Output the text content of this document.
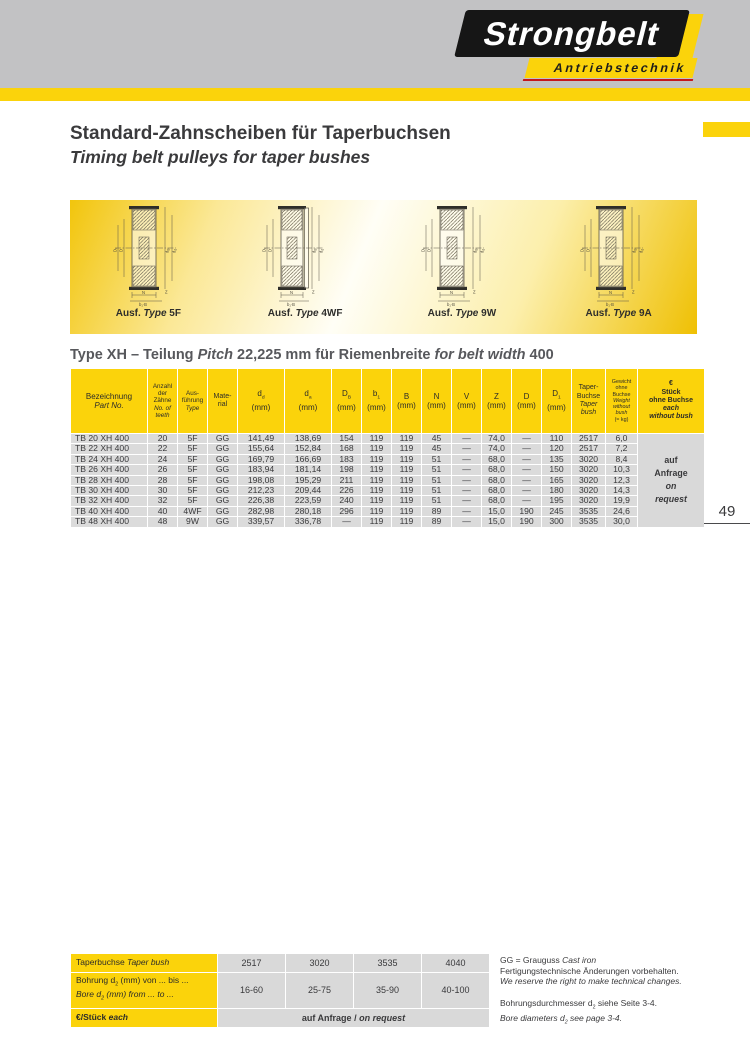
Strongbelt
Antriebstechnik
Standard-Zahnscheiben für Taperbuchsen
Timing belt pulleys for taper bushes
D₁ D	$d_B$
$d_d$
N
b₁·B
Z
Ausf. Type 5F
D₁ D	$d_B$
$d_d$
N
b₁·B
Z
Ausf. Type 4WF
D₁ D	$d_B$
$d_d$
N
b₁·B
Z
Ausf. Type 9W
D₁ D	$d_B$
$d_d$
N
b₁·B
Z
Ausf. Type 9A
Type XH – Teilung Pitch 22,225 mm für Riemenbreite for belt width 400
Bezeichnung
Part No.

Anzahl
der
Zähne
No. of
teeth

Aus-
führung
Type

Mate-
rial

$d_d$
(mm)

$d_a$
(mm)

$D_B$
(mm)

$b_1$
(mm)

B
(mm)

N
(mm)

V
(mm)

Z
(mm)

D
(mm)

$D_1$
(mm)

Taper-
Buchse
Taper
bush

Gewicht
ohne
Buchse
Weight
without
bush
(≈ kg)

€
Stück
ohne Buchse
each
without bush

TB 20 XH 400	20	5F	GG	141,49	138,69	154	119	119	45	—	74,0	—	110	2517	6,0	auf
Anfrage
on
request

TB 22 XH 400	22	5F	GG	155,64	152,84	168	119	119	45	—	74,0	—	120	2517	7,2	
TB 24 XH 400	24	5F	GG	169,79	166,69	183	119	119	51	—	68,0	—	135	3020	8,4	
TB 26 XH 400	26	5F	GG	183,94	181,14	198	119	119	51	—	68,0	—	150	3020	10,3	
TB 28 XH 400	28	5F	GG	198,08	195,29	211	119	119	51	—	68,0	—	165	3020	12,3	
TB 30 XH 400	30	5F	GG	212,23	209,44	226	119	119	51	—	68,0	—	180	3020	14,3	
TB 32 XH 400	32	5F	GG	226,38	223,59	240	119	119	51	—	68,0	—	195	3020	19,9	
TB 40 XH 400	40	4WF	GG	282,98	280,18	296	119	119	89	—	15,0	190	245	3535	24,6	
TB 48 XH 400	48	9W	GG	339,57	336,78	—	119	119	89	—	15,0	190	300	3535	30,0	
49
Taperbuchse Taper bush	2517	3020	3535	4040

Bohrung $d_2$ (mm) von ... bis ...
Bore $d_2$ (mm) from ... to ...	16-60	25-75	35-90	40-100

€/Stück each	auf Anfrage / on request			
GG = Grauguss Cast iron
Fertigungstechnische Änderungen vorbehalten.
We reserve the right to make technical changes.
Bohrungsdurchmesser $d_2$ siehe Seite 3-4.
Bore diameters $d_2$ see page 3-4.
